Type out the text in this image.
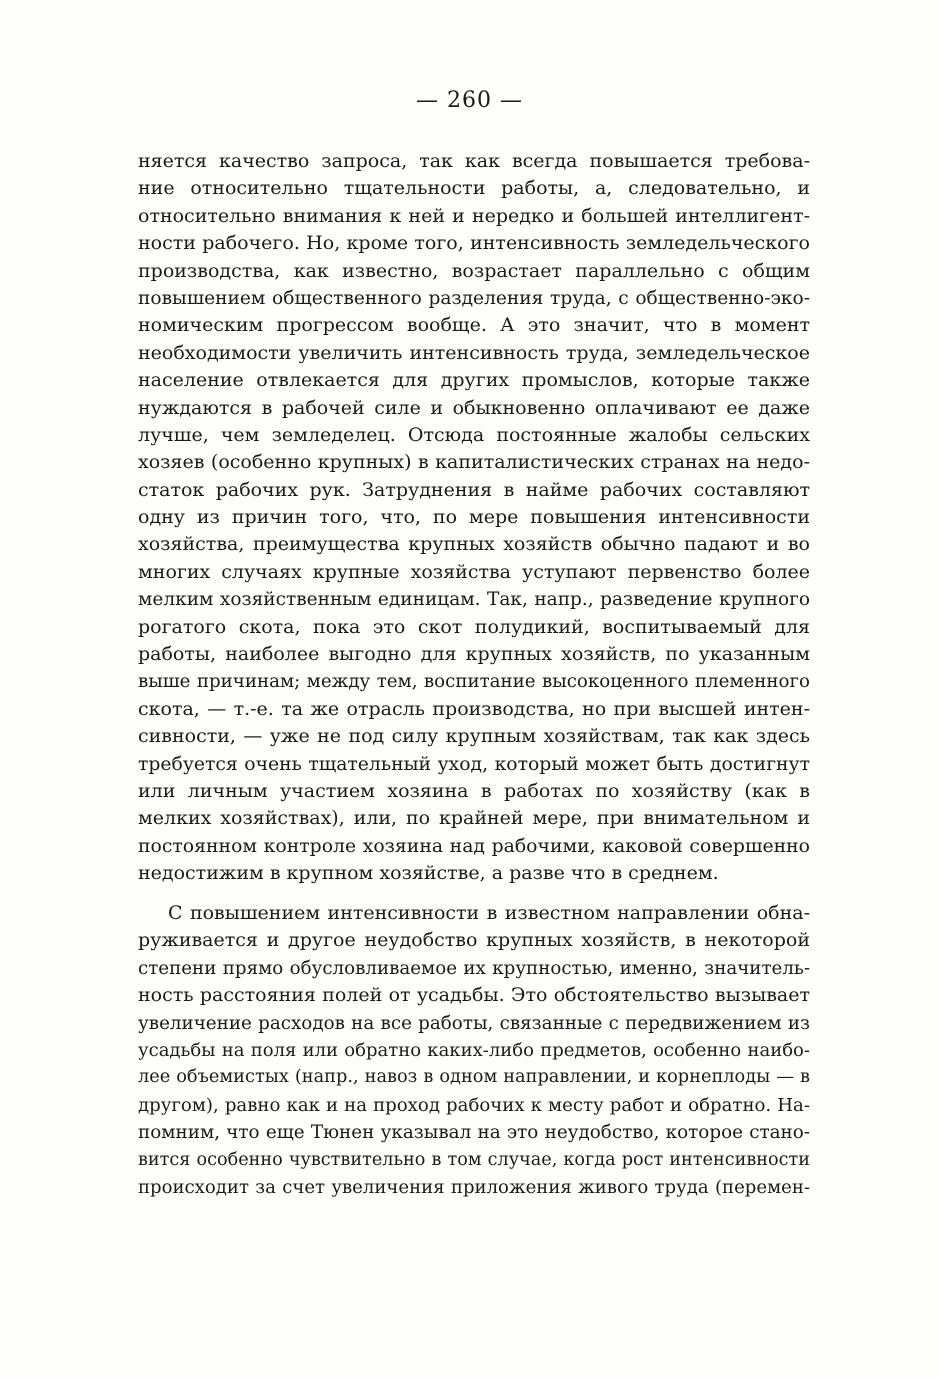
— 260 —
няется качество запроса, так как всегда повышается требова-
ние относительно тщательности работы, а, следовательно, и
относительно внимания к ней и нередко и большей интеллигент-
ности рабочего. Но, кроме того, интенсивность земледельческого
производства, как известно, возрастает параллельно с общим
повышением общественного разделения труда, с общественно-эко-
номическим прогрессом вообще. А это значит, что в момент
необходимости увеличить интенсивность труда, земледельческое
население отвлекается для других промыслов, которые также
нуждаются в рабочей силе и обыкновенно оплачивают ее даже
лучше, чем земледелец. Отсюда постоянные жалобы сельских
хозяев (особенно крупных) в капиталистических странах на недо-
статок рабочих рук. Затруднения в найме рабочих составляют
одну из причин того, что, по мере повышения интенсивности
хозяйства, преимущества крупных хозяйств обычно падают и во
многих случаях крупные хозяйства уступают первенство более
мелким хозяйственным единицам. Так, напр., разведение крупного
рогатого скота, пока это скот полудикий, воспитываемый для
работы, наиболее выгодно для крупных хозяйств, по указанным
выше причинам; между тем, воспитание высокоценного племенного
скота, — т.-е. та же отрасль производства, но при высшей интен-
сивности, — уже не под силу крупным хозяйствам, так как здесь
требуется очень тщательный уход, который может быть достигнут
или личным участием хозяина в работах по хозяйству (как в
мелких хозяйствах), или, по крайней мере, при внимательном и
постоянном контроле хозяина над рабочими, каковой совершенно
недостижим в крупном хозяйстве, а разве что в среднем.
С повышением интенсивности в известном направлении обна-
руживается и другое неудобство крупных хозяйств, в некоторой
степени прямо обусловливаемое их крупностью, именно, значитель-
ность расстояния полей от усадьбы. Это обстоятельство вызывает
увеличение расходов на все работы, связанные с передвижением из
усадьбы на поля или обратно каких-либо предметов, особенно наибо-
лее объемистых (напр., навоз в одном направлении, и корнеплоды — в
другом), равно как и на проход рабочих к месту работ и обратно. На-
помним, что еще Тюнен указывал на это неудобство, которое стано-
вится особенно чувствительно в том случае, когда рост интенсивности
происходит за счет увеличения приложения живого труда (перемен-
